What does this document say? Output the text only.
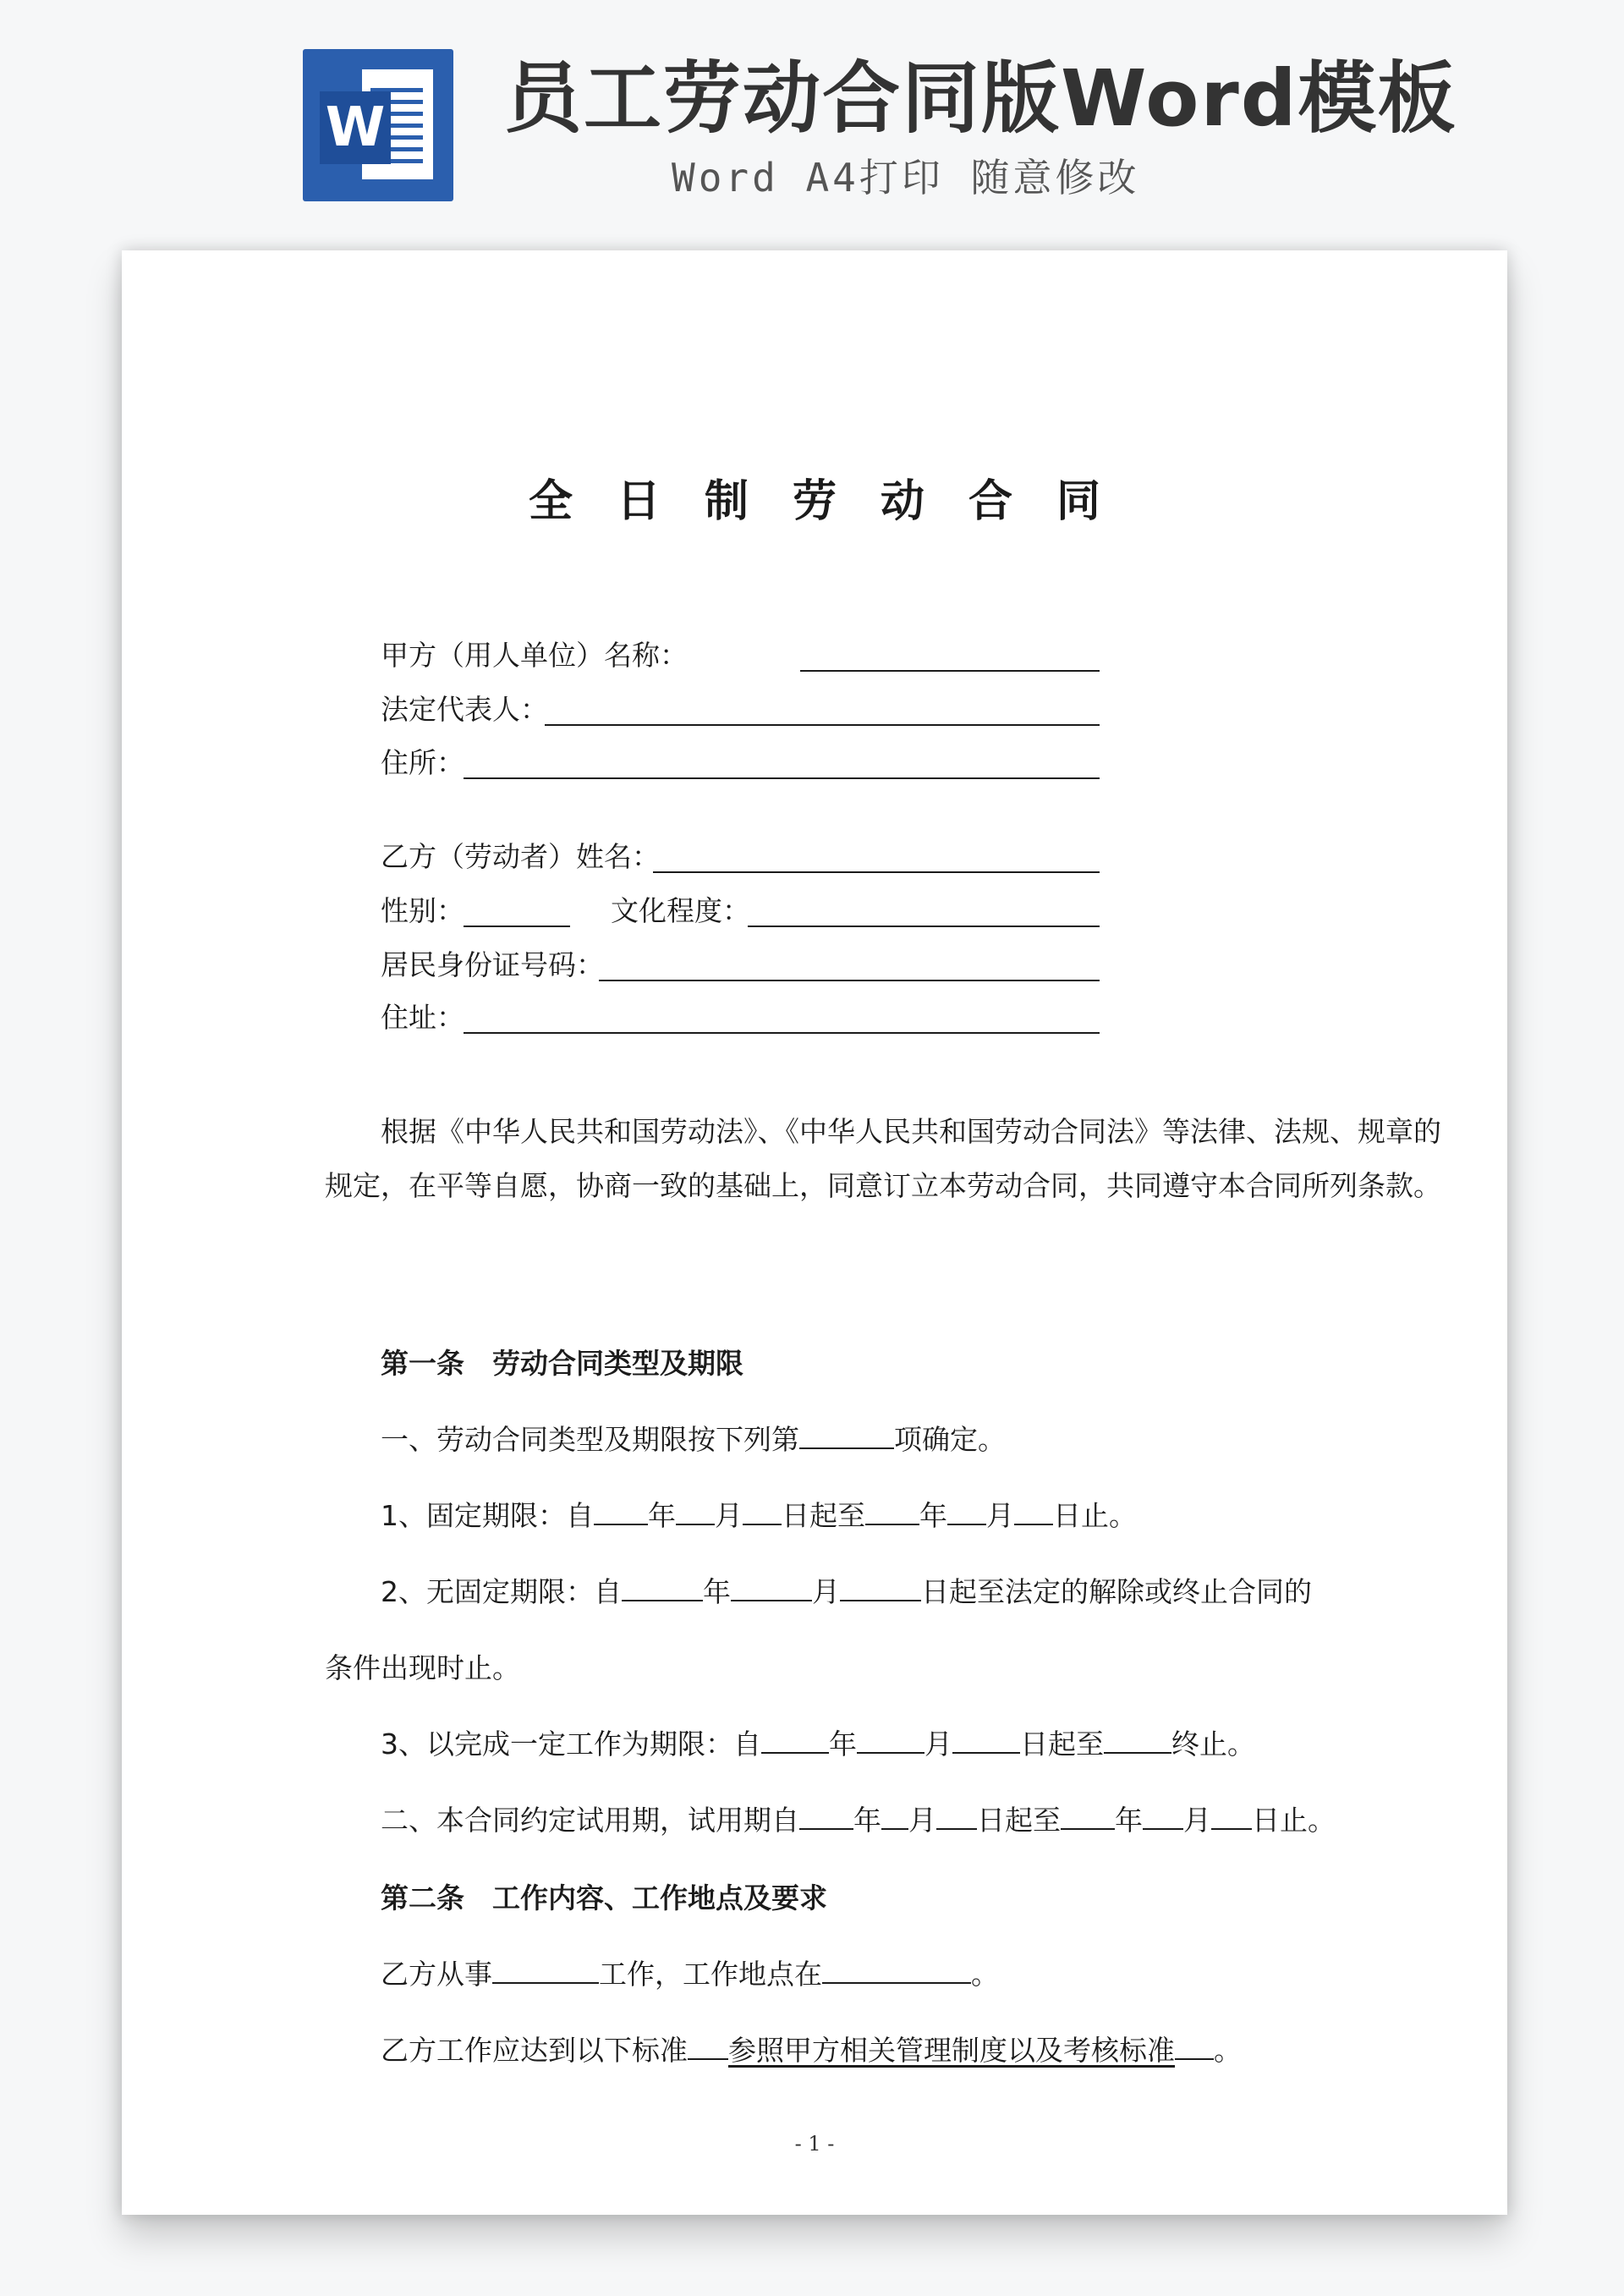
W 员工劳动合同版Word模板
Word A4打印 随意修改
全日制劳动合同
甲方（用人单位）名称：
法定代表人：
住所：
乙方（劳动者）姓名：
性别：	文化程度：
居民身份证号码：
住址：

根据《中华人民共和国劳动法》、《中华人民共和国劳动合同法》等法律、法规、规章的规定，在平等自愿，协商一致的基础上，同意订立本劳动合同，共同遵守本合同所列条款。

第一条　劳动合同类型及期限
一、劳动合同类型及期限按下列第	项确定。
1、固定期限：自 年 月 日起至 年 月 日止。
2、无固定期限：自	年	月	日起至法定的解除或终止合同的
条件出现时止。
3、以完成一定工作为期限：自 年 月 日起至 终止。
二、本合同约定试用期，试用期自 年 月 日起至 年 月 日止。
第二条　工作内容、工作地点及要求
乙方从事	工作，工作地点在	。
乙方工作应达到以下标准 参照甲方相关管理制度以及考核标准 。
- 1 -
